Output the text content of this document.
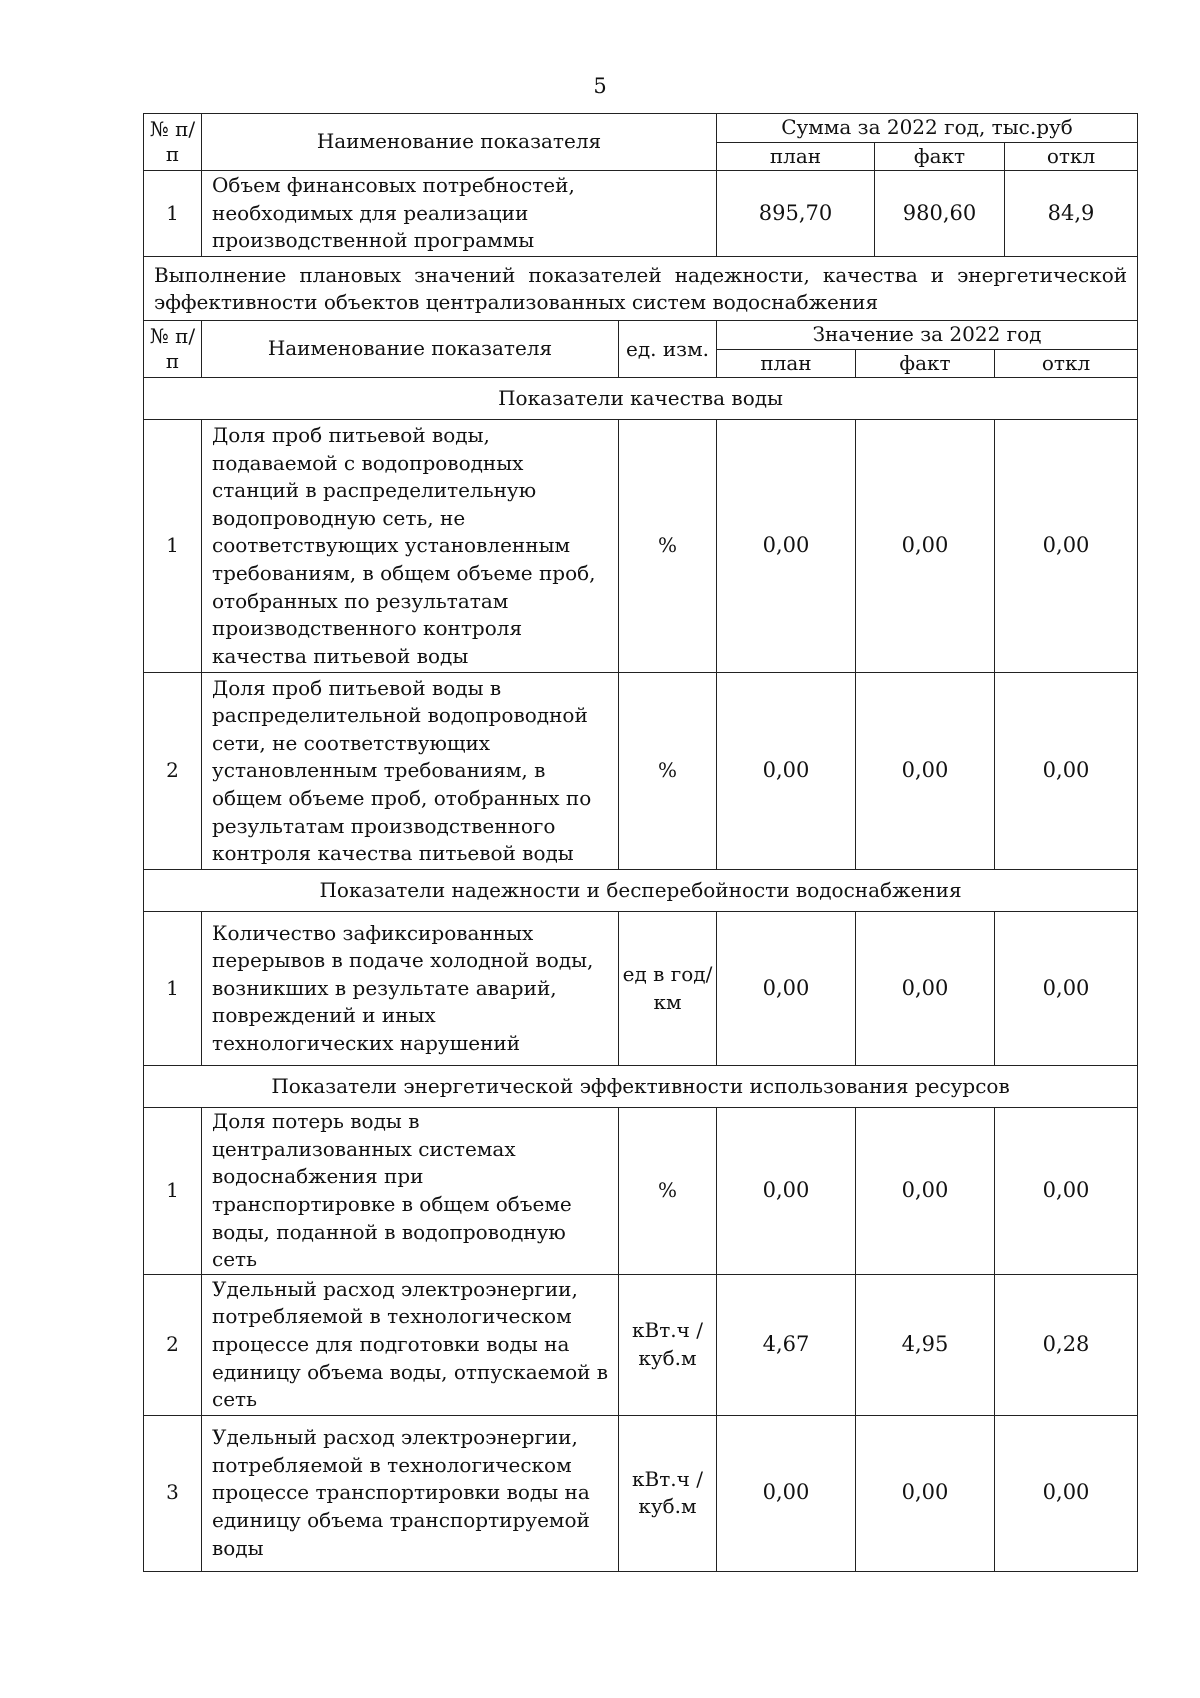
5
№ п/п	Наименование показателя	Сумма за 2022 год, тыс.руб		
		план	факт	откл
1	Объем финансовых потребностей, необходимых для реализации производственной программы	895,70	980,60	84,9
Выполнение плановых значений показателей надежности, качества и энергетической эффективности объектов централизованных систем водоснабжения					
№ п/п	Наименование показателя	ед. изм.	Значение за 2022 год		
			план	факт	откл
Показатели качества воды					
1	Доля проб питьевой воды, подаваемой с водопроводных станций в распределительную водопроводную сеть, не соответствующих установленным требованиям, в общем объеме проб, отобранных по результатам производственного контроля качества питьевой воды	%	0,00	0,00	0,00
2	Доля проб питьевой воды в распределительной водопроводной сети, не соответствующих установленным требованиям, в общем объеме проб, отобранных по результатам производственного контроля качества питьевой воды	%	0,00	0,00	0,00
Показатели надежности и бесперебойности водоснабжения					
1	Количество зафиксированных перерывов в подаче холодной воды, возникших в результате аварий, повреждений и иных технологических нарушений	ед в год/ км	0,00	0,00	0,00
Показатели энергетической эффективности использования ресурсов					
1	Доля потерь воды в централизованных системах водоснабжения при транспортировке в общем объеме воды, поданной в водопроводную сеть	%	0,00	0,00	0,00
2	Удельный расход электроэнергии, потребляемой в технологическом процессе для подготовки воды на единицу объема воды, отпускаемой в сеть	кВт.ч / куб.м	4,67	4,95	0,28
3	Удельный расход электроэнергии, потребляемой в технологическом процессе транспортировки воды на единицу объема транспортируемой воды	кВт.ч / куб.м	0,00	0,00	0,00
